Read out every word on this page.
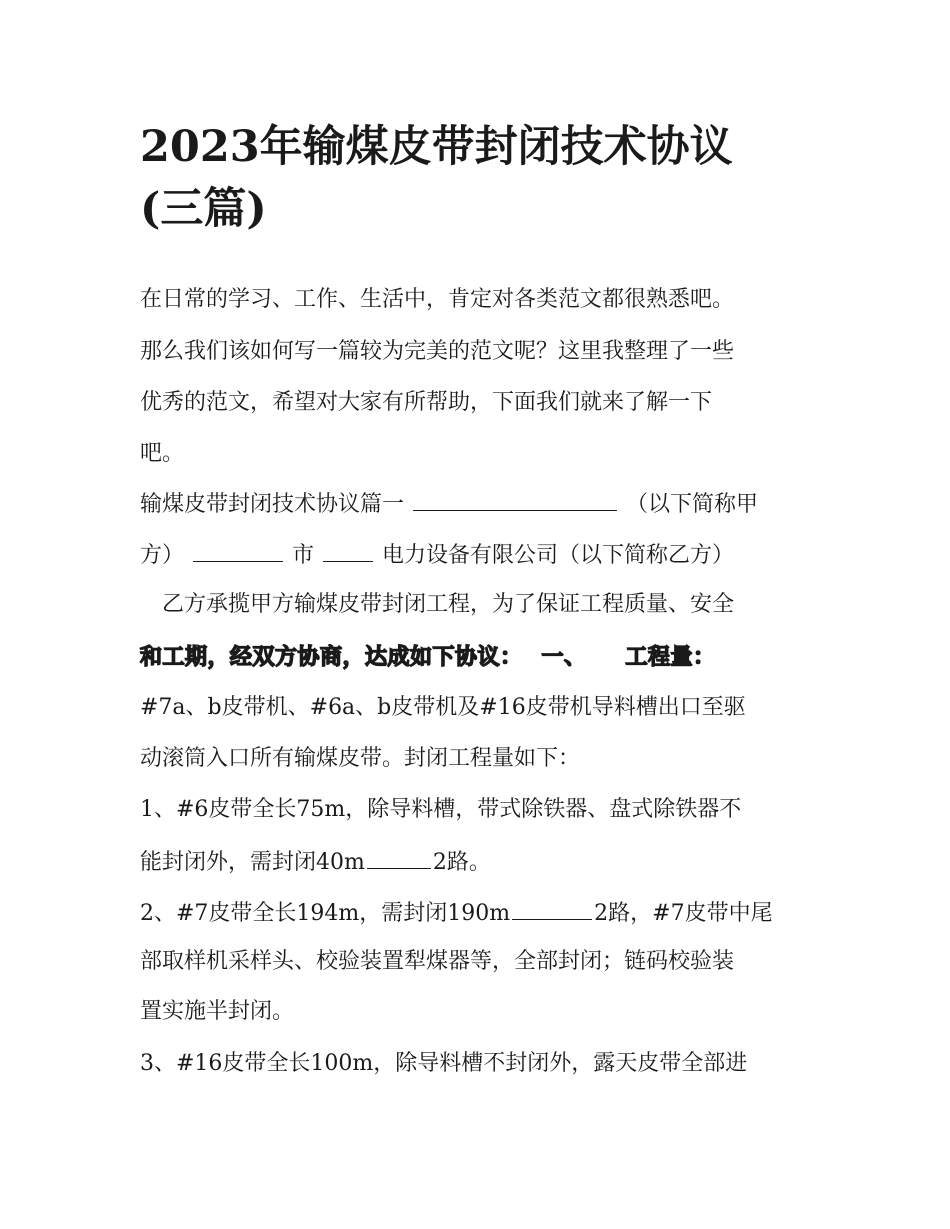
2023年输煤皮带封闭技术协议
(三篇)
在日常的学习、工作、生活中，肯定对各类范文都很熟悉吧。
那么我们该如何写一篇较为完美的范文呢？这里我整理了一些
优秀的范文，希望对大家有所帮助，下面我们就来了解一下
吧。
输煤皮带封闭技术协议篇一	（以下简称甲
方）	市	电力设备有限公司（以下简称乙方）
乙方承揽甲方输煤皮带封闭工程，为了保证工程质量、安全
和工期，经双方协商，达成如下协议： 一、 工程量：
#7a、b皮带机、#6a、b皮带机及#16皮带机导料槽出口至驱
动滚筒入口所有输煤皮带。封闭工程量如下：
1、#6皮带全长75m，除导料槽，带式除铁器、盘式除铁器不
能封闭外，需封闭40m	2路。
2、#7皮带全长194m，需封闭190m	2路，#7皮带中尾
部取样机采样头、校验装置犁煤器等，全部封闭；链码校验装
置实施半封闭。
3、#16皮带全长100m，除导料槽不封闭外，露天皮带全部进
